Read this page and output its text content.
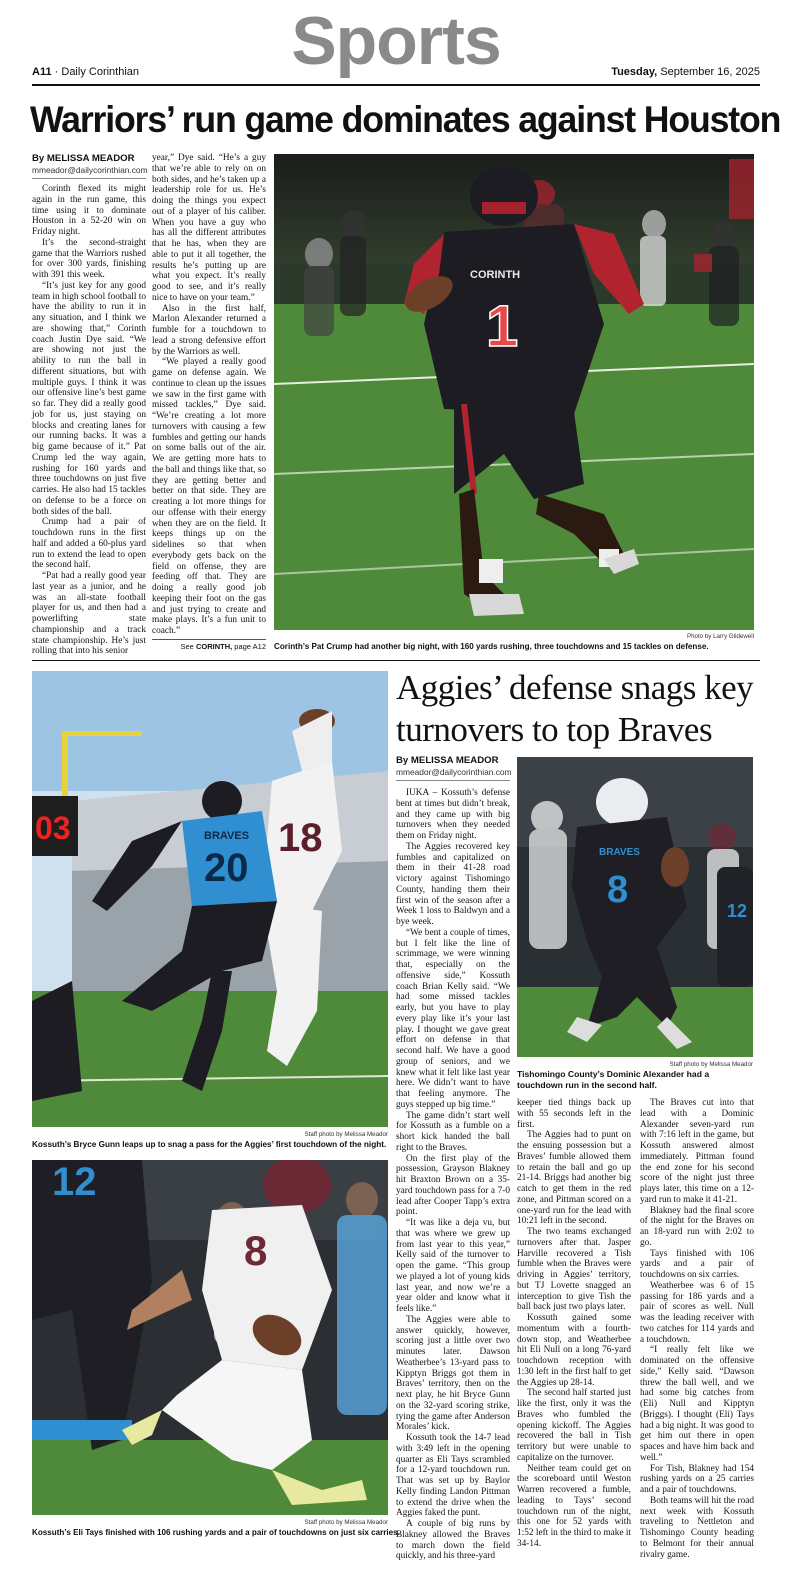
A11 · Daily Corinthian	Sports	Tuesday, September 16, 2025
Warriors’ run game dominates against Houston
By MELISSA MEADOR
mmeador@dailycorinthian.com

Corinth flexed its might again in the run game, this time using it to dominate Houston in a 52-20 win on Friday night.

It’s the second-straight game that the Warriors rushed for over 300 yards, finishing with 391 this week.

“It’s just key for any good team in high school football to have the ability to run it in any situation, and I think we are showing that,” Corinth coach Justin Dye said. “We are showing not just the ability to run the ball in different situations, but with multiple guys. I think it was our offensive line’s best game so far. They did a really good job for us, just staying on blocks and creating lanes for our running backs. It was a big game because of it.” Pat Crump led the way again, rushing for 160 yards and three touchdowns on just five carries. He also had 15 tackles on defense to be a force on both sides of the ball.

Crump had a pair of touchdown runs in the first half and added a 60-plus yard run to extend the lead to open the second half.

“Pat had a really good year last year as a junior, and he was an all-state football player for us, and then had a powerlifting state championship and a track state championship. He’s just rolling that into his senior

year,” Dye said. “He’s a guy that we’re able to rely on on both sides, and he’s taken up a leadership role for us. He’s doing the things you expect out of a player of his caliber. When you have a guy who has all the different attributes that he has, when they are able to put it all together, the results he’s putting up are what you expect. It’s really good to see, and it’s really nice to have on your team.”

Also in the first half, Marlon Alexander returned a fumble for a touchdown to lead a strong defensive effort by the Warriors as well.

“We played a really good game on defense again. We continue to clean up the issues we saw in the first game with missed tackles,” Dye said. “We’re creating a lot more turnovers with causing a few fumbles and getting our hands on some balls out of the air. We are getting more hats to the ball and things like that, so they are getting better and better on that side. They are creating a lot more things for our offense with their energy when they are on the field. It keeps things up on the sidelines so that when everybody gets back on the field on offense, they are feeding off that. They are doing a really good job keeping their foot on the gas and just trying to create and make plays. It’s a fun unit to coach.”

See CORINTH, page A12
CORINTH
1
Photo by Larry Glidewell
Corinth’s Pat Crump had another big night, with 160 yards rushing, three touchdowns and 15 tackles on defense.
03	18
BRAVES
20
Staff photo by Melissa Meador
Kossuth’s Bryce Gunn leaps up to snag a pass for the Aggies’ first touchdown of the night.
12
8
Staff photo by Melissa Meador
Kossuth’s Eli Tays finished with 106 rushing yards and a pair of touchdowns on just six carries.
Aggies’ defense snags key
turnovers to top Braves
By MELISSA MEADOR
mmeador@dailycorinthian.com

IUKA – Kossuth’s defense bent at times but didn’t break, and they came up with big turnovers when they needed them on Friday night.

The Aggies recovered key fumbles and capitalized on them in their 41-28 road victory against Tishomingo County, handing them their first win of the season after a Week 1 loss to Baldwyn and a bye week.

“We bent a couple of times, but I felt like the line of scrimmage, we were winning that, especially on the offensive side,” Kossuth coach Brian Kelly said. “We had some missed tackles early, but you have to play every play like it’s your last play. I thought we gave great effort on defense in that second half. We have a good group of seniors, and we knew what it felt like last year here. We didn’t want to have that feeling anymore. The guys stepped up big time.”

The game didn’t start well for Kossuth as a fumble on a short kick handed the ball right to the Braves.

On the first play of the possession, Grayson Blakney hit Braxton Brown on a 35-yard touchdown pass for a 7-0 lead after Cooper Tapp’s extra point.

“It was like a deja vu, but that was where we grew up from last year to this year,” Kelly said of the turnover to open the game. “This group we played a lot of young kids last year, and now we’re a year older and know what it feels like.”

The Aggies were able to answer quickly, however, scoring just a little over two minutes later. Dawson Weatherbee’s 13-yard pass to Kipptyn Briggs got them in Braves’ territory, then on the next play, he hit Bryce Gunn on the 32-yard scoring strike, tying the game after Anderson Morales’ kick.

Kossuth took the 14-7 lead with 3:49 left in the opening quarter as Eli Tays scrambled for a 12-yard touchdown run. That was set up by Baylor Kelly finding Landon Pittman to extend the drive when the Aggies faked the punt.

A couple of big runs by Blakney allowed the Braves to march down the field quickly, and his three-yard

12
BRAVES
8
Staff photo by Melissa Meador
Tishomingo County’s Dominic Alexander had a touchdown run in the second half.

keeper tied things back up with 55 seconds left in the first.

The Aggies had to punt on the ensuing possession but a Braves’ fumble allowed them to retain the ball and go up 21-14. Briggs had another big catch to get them in the red zone, and Pittman scored on a one-yard run for the lead with 10:21 left in the second.

The two teams exchanged turnovers after that. Jasper Harville recovered a Tish fumble when the Braves were driving in Aggies’ territory, but TJ Lovette snagged an interception to give Tish the ball back just two plays later.

Kossuth gained some momentum with a fourth-down stop, and Weatherbee hit Eli Null on a long 76-yard touchdown reception with 1:30 left in the first half to get the Aggies up 28-14.

The second half started just like the first, only it was the Braves who fumbled the opening kickoff. The Aggies recovered the ball in Tish territory but were unable to capitalize on the turnover.

Neither team could get on the scoreboard until Weston Warren recovered a fumble, leading to Tays’ second touchdown run of the night, this one for 52 yards with 1:52 left in the third to make it 34-14.

The Braves cut into that lead with a Dominic Alexander seven-yard run with 7:16 left in the game, but Kossuth answered almost immediately. Pittman found the end zone for his second score of the night just three plays later, this time on a 12-yard run to make it 41-21.

Blakney had the final score of the night for the Braves on an 18-yard run with 2:02 to go.

Tays finished with 106 yards and a pair of touchdowns on six carries.

Weatherbee was 6 of 15 passing for 186 yards and a pair of scores as well. Null was the leading receiver with two catches for 114 yards and a touchdown.

“I really felt like we dominated on the offensive side,” Kelly said. “Dawson threw the ball well, and we had some big catches from (Eli) Null and Kipptyn (Briggs). I thought (Eli) Tays had a big night. It was good to get him out there in open spaces and have him back and well.”

For Tish, Blakney had 154 rushing yards on a 25 carries and a pair of touchdowns.

Both teams will hit the road next week with Kossuth traveling to Nettleton and Tishomingo County heading to Belmont for their annual rivalry game.
